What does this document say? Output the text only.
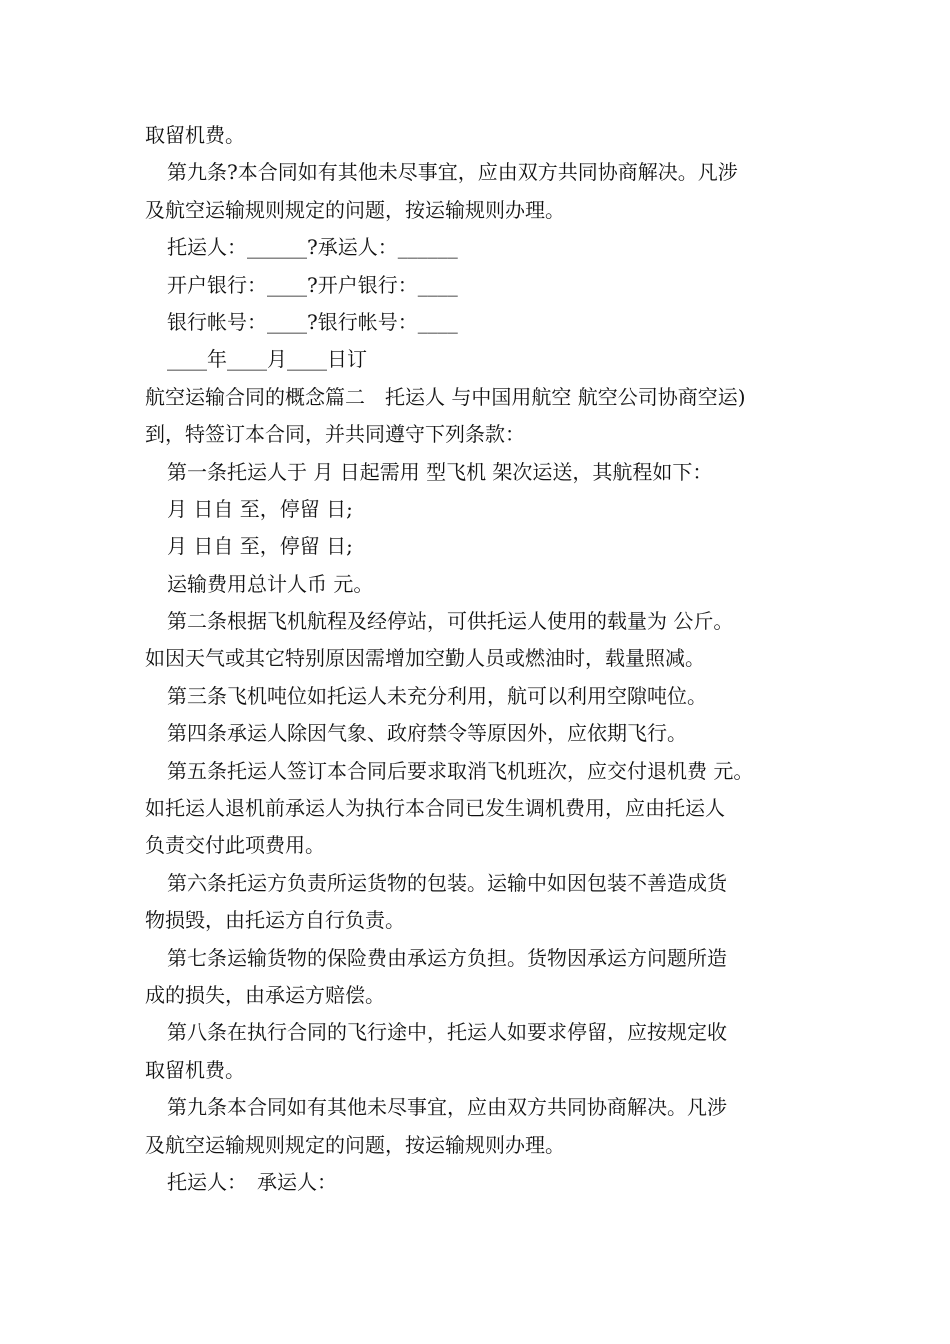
取留机费。
第九条?本合同如有其他未尽事宜，应由双方共同协商解决。凡涉
及航空运输规则规定的问题，按运输规则办理。
托运人：______?承运人：______
开户银行：____?开户银行：____
银行帐号：____?银行帐号：____
____年____月____日订
航空运输合同的概念篇二　托运人 与中国用航空 航空公司协商空运)
到，特签订本合同，并共同遵守下列条款：
第一条托运人于 月 日起需用 型飞机 架次运送，其航程如下：
月 日自 至，停留 日;
月 日自 至，停留 日;
运输费用总计人币 元。
第二条根据飞机航程及经停站，可供托运人使用的载量为 公斤。
如因天气或其它特别原因需增加空勤人员或燃油时，载量照减。
第三条飞机吨位如托运人未充分利用，航可以利用空隙吨位。
第四条承运人除因气象、政府禁令等原因外，应依期飞行。
第五条托运人签订本合同后要求取消飞机班次，应交付退机费 元。
如托运人退机前承运人为执行本合同已发生调机费用，应由托运人
负责交付此项费用。
第六条托运方负责所运货物的包装。运输中如因包装不善造成货
物损毁，由托运方自行负责。
第七条运输货物的保险费由承运方负担。货物因承运方问题所造
成的损失，由承运方赔偿。
第八条在执行合同的飞行途中，托运人如要求停留，应按规定收
取留机费。
第九条本合同如有其他未尽事宜，应由双方共同协商解决。凡涉
及航空运输规则规定的问题，按运输规则办理。
托运人：　承运人：
